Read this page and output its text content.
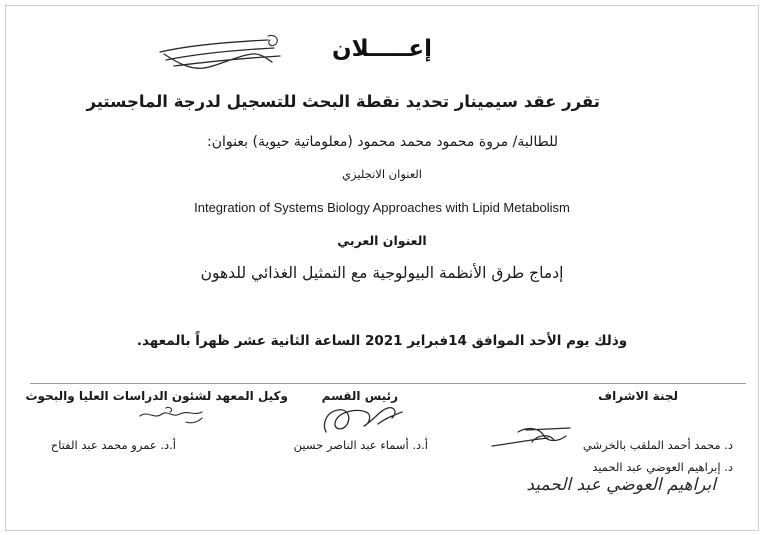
إعـــــلان
تقرر عقد سيمينار تحديد نقطة البحث للتسجيل لدرجة الماجستير
للطالبة/ مروة محمود محمد محمود (معلوماتية حيوية) بعنوان:
العنوان الانجليزي
Integration of Systems Biology Approaches with Lipid Metabolism
العنوان العربي
إدماج طرق الأنظمة البيولوجية مع التمثيل الغذائي للدهون
وذلك يوم الأحد الموافق 14فبراير 2021 الساعة الثانية عشر ظهراً بالمعهد.
وكيل المعهد لشئون الدراسات العليا والبحوث
أ.د. عمرو محمد عبد الفتاح
رئيس القسم
أ.د. أسماء عبد الناصر حسين
لجنة الاشراف
د. محمد أحمد الملقب بالخرشي
د. إبراهيم العوضي عبد الحميد
ابراهيم العوضي عبد الحميد
